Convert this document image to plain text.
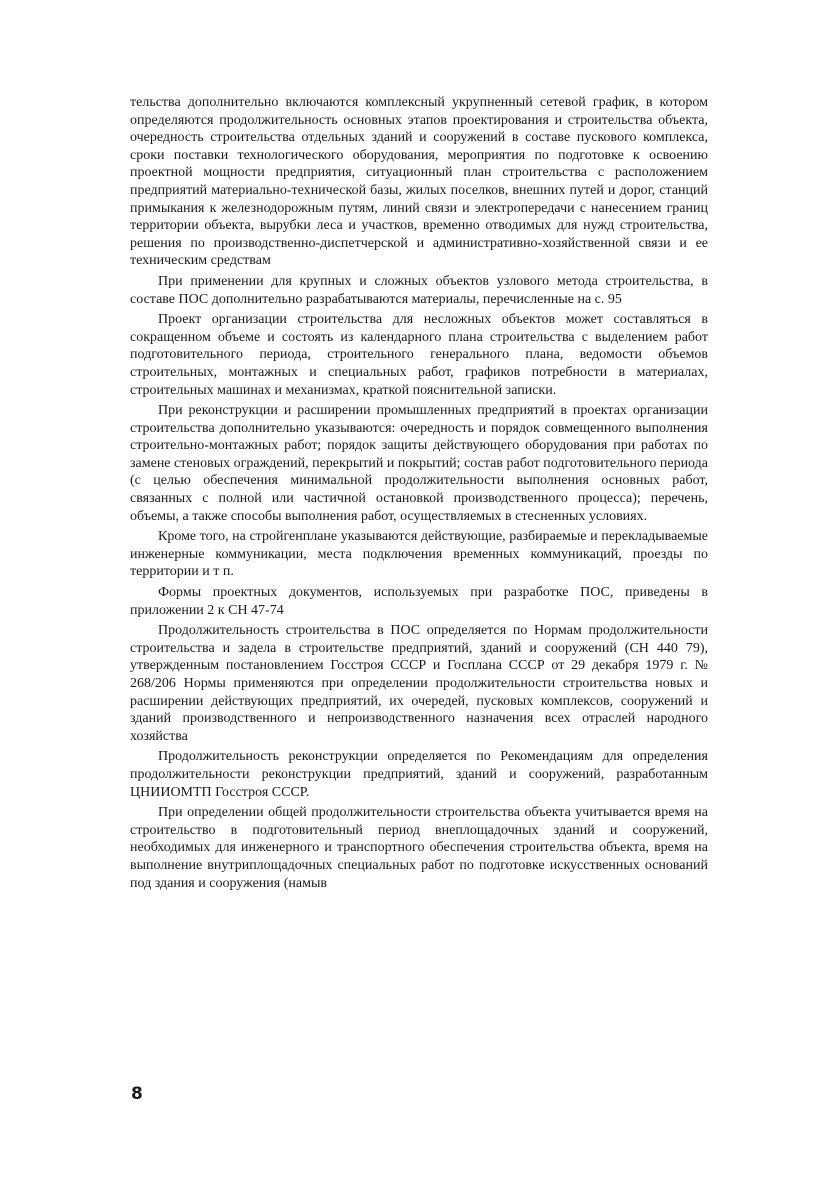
тельства дополнительно включаются комплексный укрупненный сетевой график, в котором определяются продолжительность основных этапов проектирования и строительства объекта, очередность строительства отдельных зданий и сооружений в составе пускового комплекса, сроки поставки технологического оборудования, мероприятия по подготовке к освоению проектной мощности предприятия, ситуационный план строительства с расположением предприятий материально-технической базы, жилых поселков, внешних путей и дорог, станций примыкания к железнодорожным путям, линий связи и электропередачи с нанесением границ территории объекта, вырубки леса и участков, временно отводимых для нужд строительства, решения по производственно-диспетчерской и административно-хозяйственной связи и ее техническим средствам

При применении для крупных и сложных объектов узлового метода строительства, в составе ПОС дополнительно разрабатываются материалы, перечисленные на с. 95

Проект организации строительства для несложных объектов может составляться в сокращенном объеме и состоять из календарного плана строительства с выделением работ подготовительного периода, строительного генерального плана, ведомости объемов строительных, монтажных и специальных работ, графиков потребности в материалах, строительных машинах и механизмах, краткой пояснительной записки.

При реконструкции и расширении промышленных предприятий в проектах организации строительства дополнительно указываются: очередность и порядок совмещенного выполнения строительно-монтажных работ; порядок защиты действующего оборудования при работах по замене стеновых ограждений, перекрытий и покрытий; состав работ подготовительного периода (с целью обеспечения минимальной продолжительности выполнения основных работ, связанных с полной или частичной остановкой производственного процесса); перечень, объемы, а также способы выполнения работ, осуществляемых в стесненных условиях.

Кроме того, на стройгенплане указываются действующие, разбираемые и перекладываемые инженерные коммуникации, места подключения временных коммуникаций, проезды по территории и т п.

Формы проектных документов, используемых при разработке ПОС, приведены в приложении 2 к СН 47-74

Продолжительность строительства в ПОС определяется по Нормам продолжительности строительства и задела в строительстве предприятий, зданий и сооружений (СН 440 79), утвержденным постановлением Госстроя СССР и Госплана СССР от 29 декабря 1979 г. № 268/206 Нормы применяются при определении продолжительности строительства новых и расширении действующих предприятий, их очередей, пусковых комплексов, сооружений и зданий производственного и непроизводственного назначения всех отраслей народного хозяйства

Продолжительность реконструкции определяется по Рекомендациям для определения продолжительности реконструкции предприятий, зданий и сооружений, разработанным ЦНИИОМТП Госстроя СССР.

При определении общей продолжительности строительства объекта учитывается время на строительство в подготовительный период внеплощадочных зданий и сооружений, необходимых для инженерного и транспортного обеспечения строительства объекта, время на выполнение внутриплощадочных специальных работ по подготовке искусственных оснований под здания и сооружения (намыв

8
